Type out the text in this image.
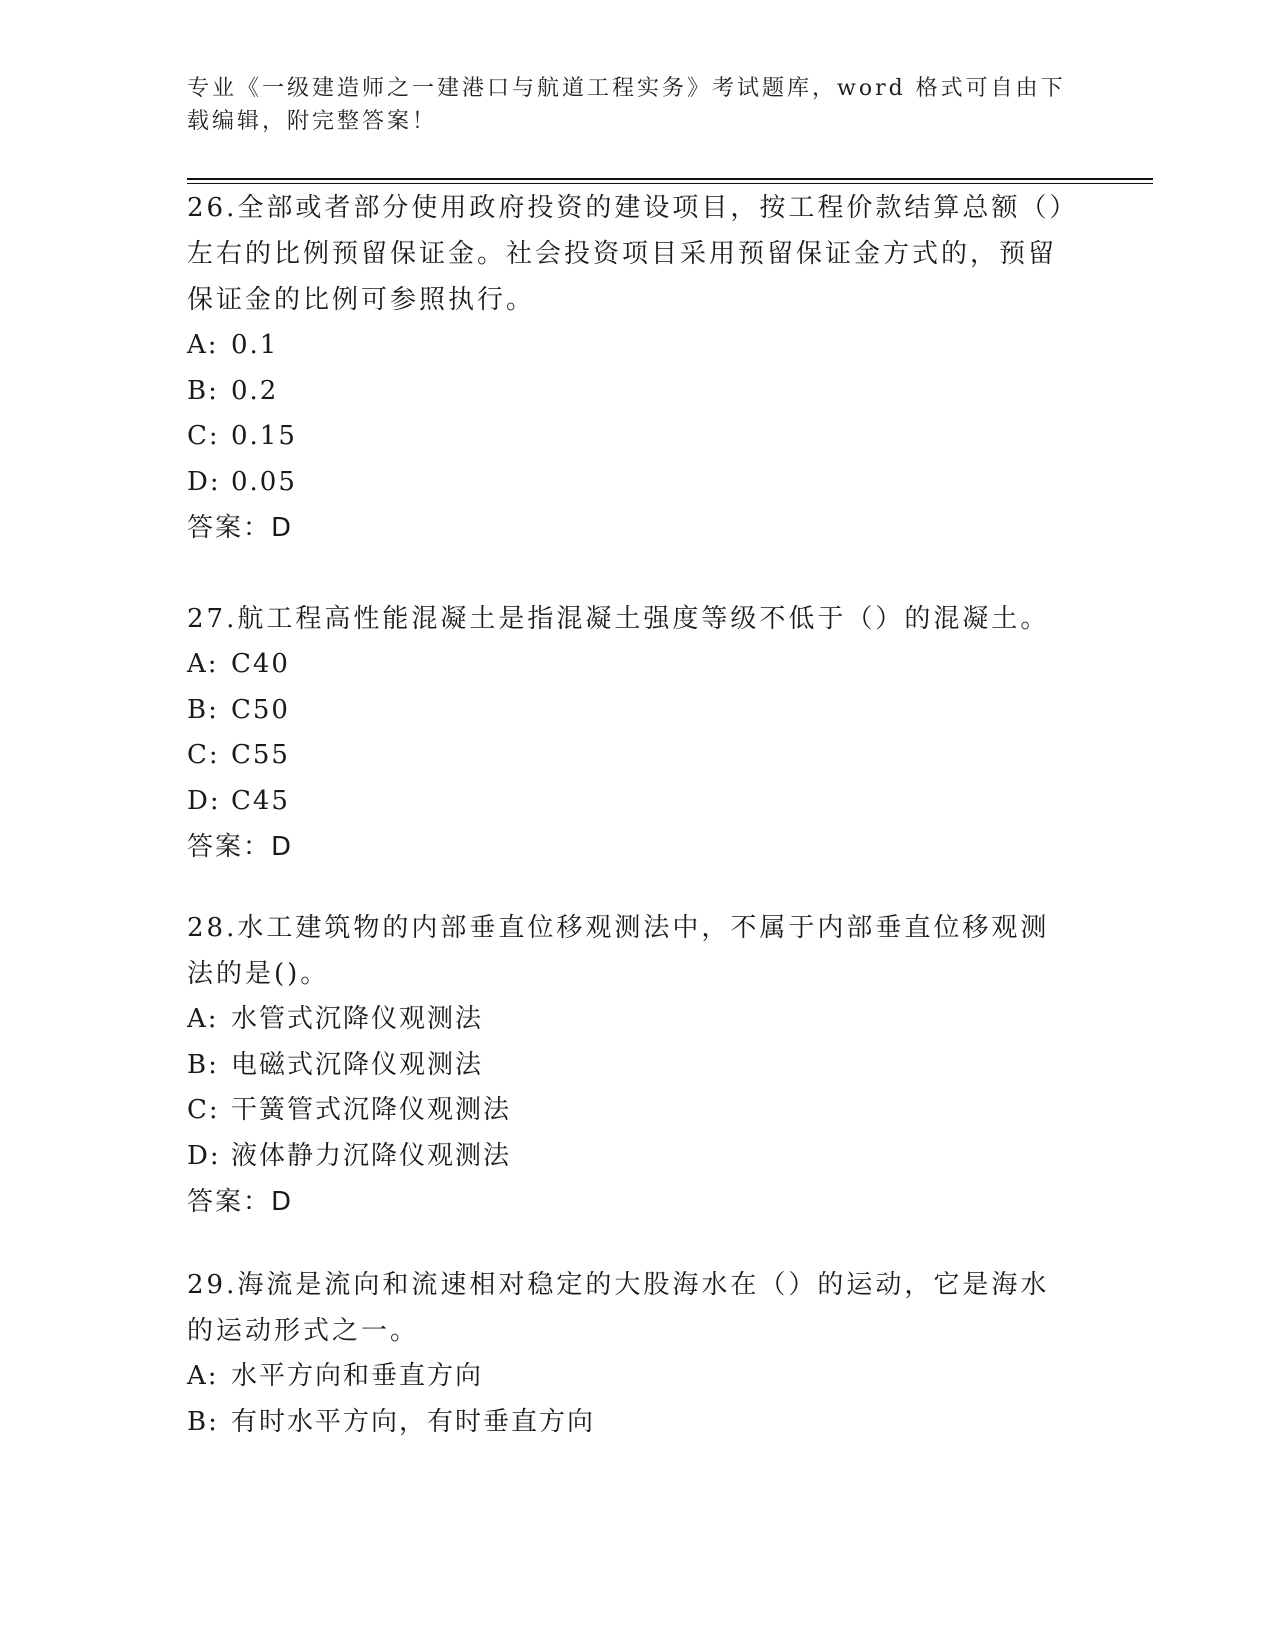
专业《一级建造师之一建港口与航道工程实务》考试题库，word 格式可自由下载编辑，附完整答案！
26.全部或者部分使用政府投资的建设项目，按工程价款结算总额（）左右的比例预留保证金。社会投资项目采用预留保证金方式的，预留保证金的比例可参照执行。
A: 0.1
B: 0.2
C: 0.15
D: 0.05
答案：D
27.航工程高性能混凝土是指混凝土强度等级不低于（）的混凝土。
A: C40
B: C50
C: C55
D: C45
答案：D
28.水工建筑物的内部垂直位移观测法中，不属于内部垂直位移观测法的是()。
A: 水管式沉降仪观测法
B: 电磁式沉降仪观测法
C: 干簧管式沉降仪观测法
D: 液体静力沉降仪观测法
答案：D
29.海流是流向和流速相对稳定的大股海水在（）的运动，它是海水的运动形式之一。
A: 水平方向和垂直方向
B: 有时水平方向，有时垂直方向
